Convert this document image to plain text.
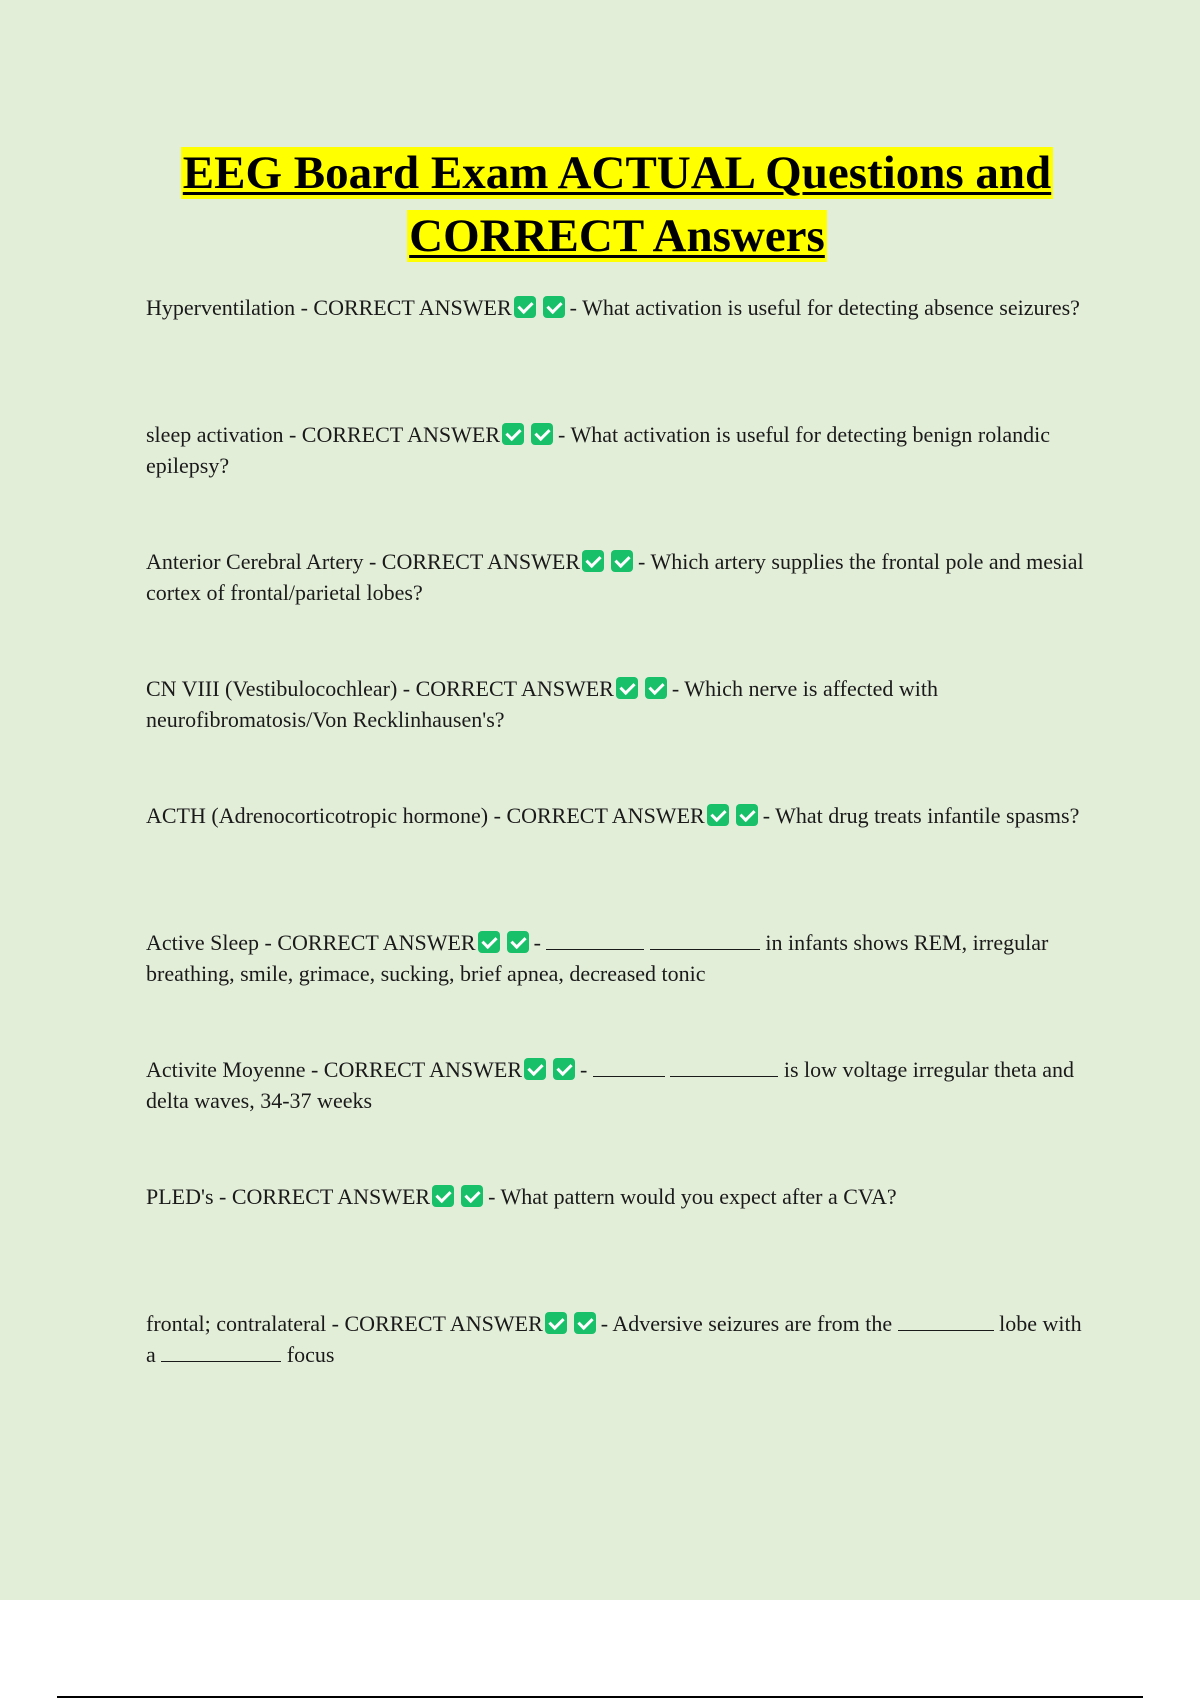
EEG Board Exam ACTUAL Questions and
CORRECT Answers
Hyperventilation - CORRECT ANSWER	- What activation is useful for detecting absence seizures?
sleep activation - CORRECT ANSWER	- What activation is useful for detecting benign rolandic epilepsy?
Anterior Cerebral Artery - CORRECT ANSWER	- Which artery supplies the frontal pole and mesial cortex of frontal/parietal lobes?
CN VIII (Vestibulocochlear) - CORRECT ANSWER	- Which nerve is affected with neurofibromatosis/Von Recklinhausen's?
ACTH (Adrenocorticotropic hormone) - CORRECT ANSWER	- What drug treats infantile spasms?
Active Sleep - CORRECT ANSWER	-	in infants shows REM, irregular breathing, smile, grimace, sucking, brief apnea, decreased tonic
Activite Moyenne - CORRECT ANSWER	-	is low voltage irregular theta and delta waves, 34-37 weeks
PLED's - CORRECT ANSWER	- What pattern would you expect after a CVA?
frontal; contralateral - CORRECT ANSWER	- Adversive seizures are from the	lobe with a	focus
